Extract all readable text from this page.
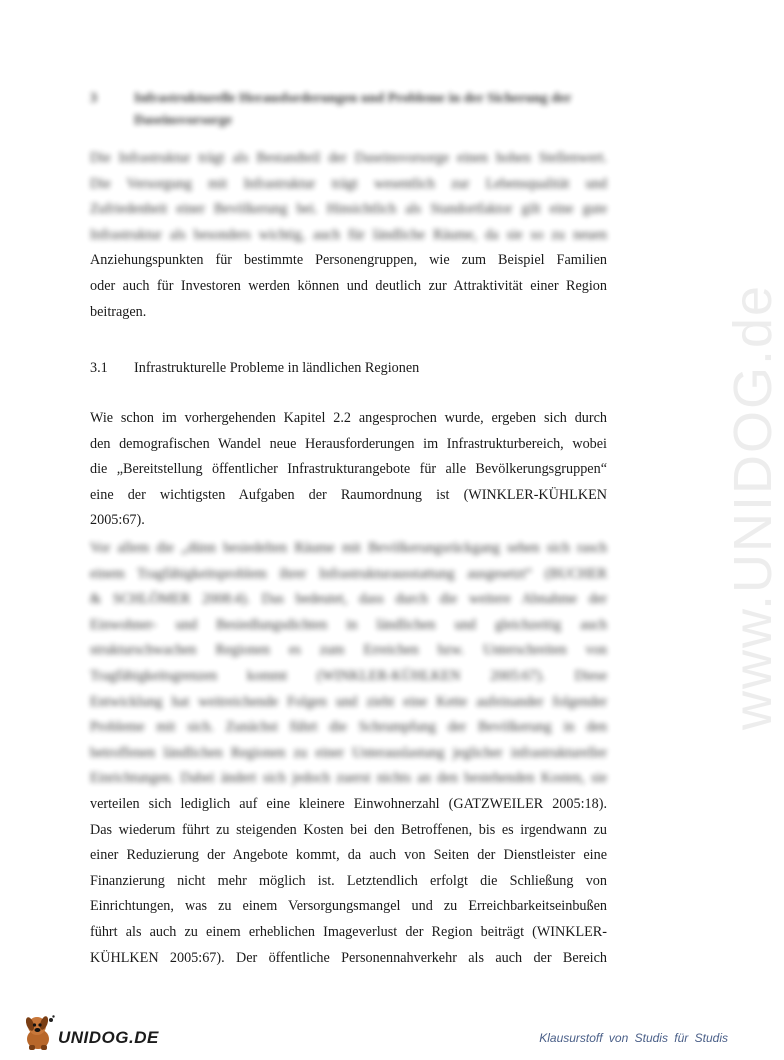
www.UNIDOG.de
3	Infrastrukturelle Herausforderungen und Probleme in der Sicherung der Daseinsvorsorge
Die Infrastruktur trägt als Bestandteil der Daseinsvorsorge einen hohen Stellenwert.
Die Versorgung mit Infrastruktur trägt wesentlich zur Lebensqualität und
Zufriedenheit einer Bevölkerung bei. Hinsichtlich als Standortfaktor gilt eine gute
Infrastruktur als besonders wichtig, auch für ländliche Räume, da sie so zu neuen
Anziehungspunkten für bestimmte Personengruppen, wie zum Beispiel Familien
oder auch für Investoren werden können und deutlich zur Attraktivität einer Region
beitragen.
3.1 Infrastrukturelle Probleme in ländlichen Regionen
Wie schon im vorhergehenden Kapitel 2.2 angesprochen wurde, ergeben sich durch
den demografischen Wandel neue Herausforderungen im Infrastrukturbereich, wobei
die „Bereitstellung öffentlicher Infrastrukturangebote für alle Bevölkerungsgruppen“
eine der wichtigsten Aufgaben der Raumordnung ist (WINKLER-KÜHLKEN
2005:67).
Vor allem die „dünn besiedelten Räume mit Bevölkerungsrückgang sehen sich rasch
einem Tragfähigkeitsproblem ihrer Infrastrukturausstattung ausgesetzt“ (BUCHER
& SCHLÖMER 2008:4). Das bedeutet, dass durch die weitere Abnahme der
Einwohner- und Besiedlungsdichten in ländlichen und gleichzeitig auch
strukturschwachen Regionen es zum Erreichen bzw. Unterschreiten von
Tragfähigkeitsgrenzen kommt (WINKLER-KÜHLKEN 2005:67). Diese
Entwicklung hat weitreichende Folgen und zieht eine Kette aufeinander folgender
Probleme mit sich. Zunächst führt die Schrumpfung der Bevölkerung in den
betroffenen ländlichen Regionen zu einer Unterauslastung jeglicher infrastruktureller
Einrichtungen. Dabei ändert sich jedoch zuerst nichts an den bestehenden Kosten, sie
verteilen sich lediglich auf eine kleinere Einwohnerzahl (GATZWEILER 2005:18).
Das wiederum führt zu steigenden Kosten bei den Betroffenen, bis es irgendwann zu
einer Reduzierung der Angebote kommt, da auch von Seiten der Dienstleister eine
Finanzierung nicht mehr möglich ist. Letztendlich erfolgt die Schließung von
Einrichtungen, was zu einem Versorgungsmangel und zu Erreichbarkeitseinbußen
führt als auch zu einem erheblichen Imageverlust der Region beiträgt (WINKLER-
KÜHLKEN 2005:67). Der öffentliche Personennahverkehr als auch der Bereich
UNIDOG.DE	Klausurstoff von Studis für Studis
